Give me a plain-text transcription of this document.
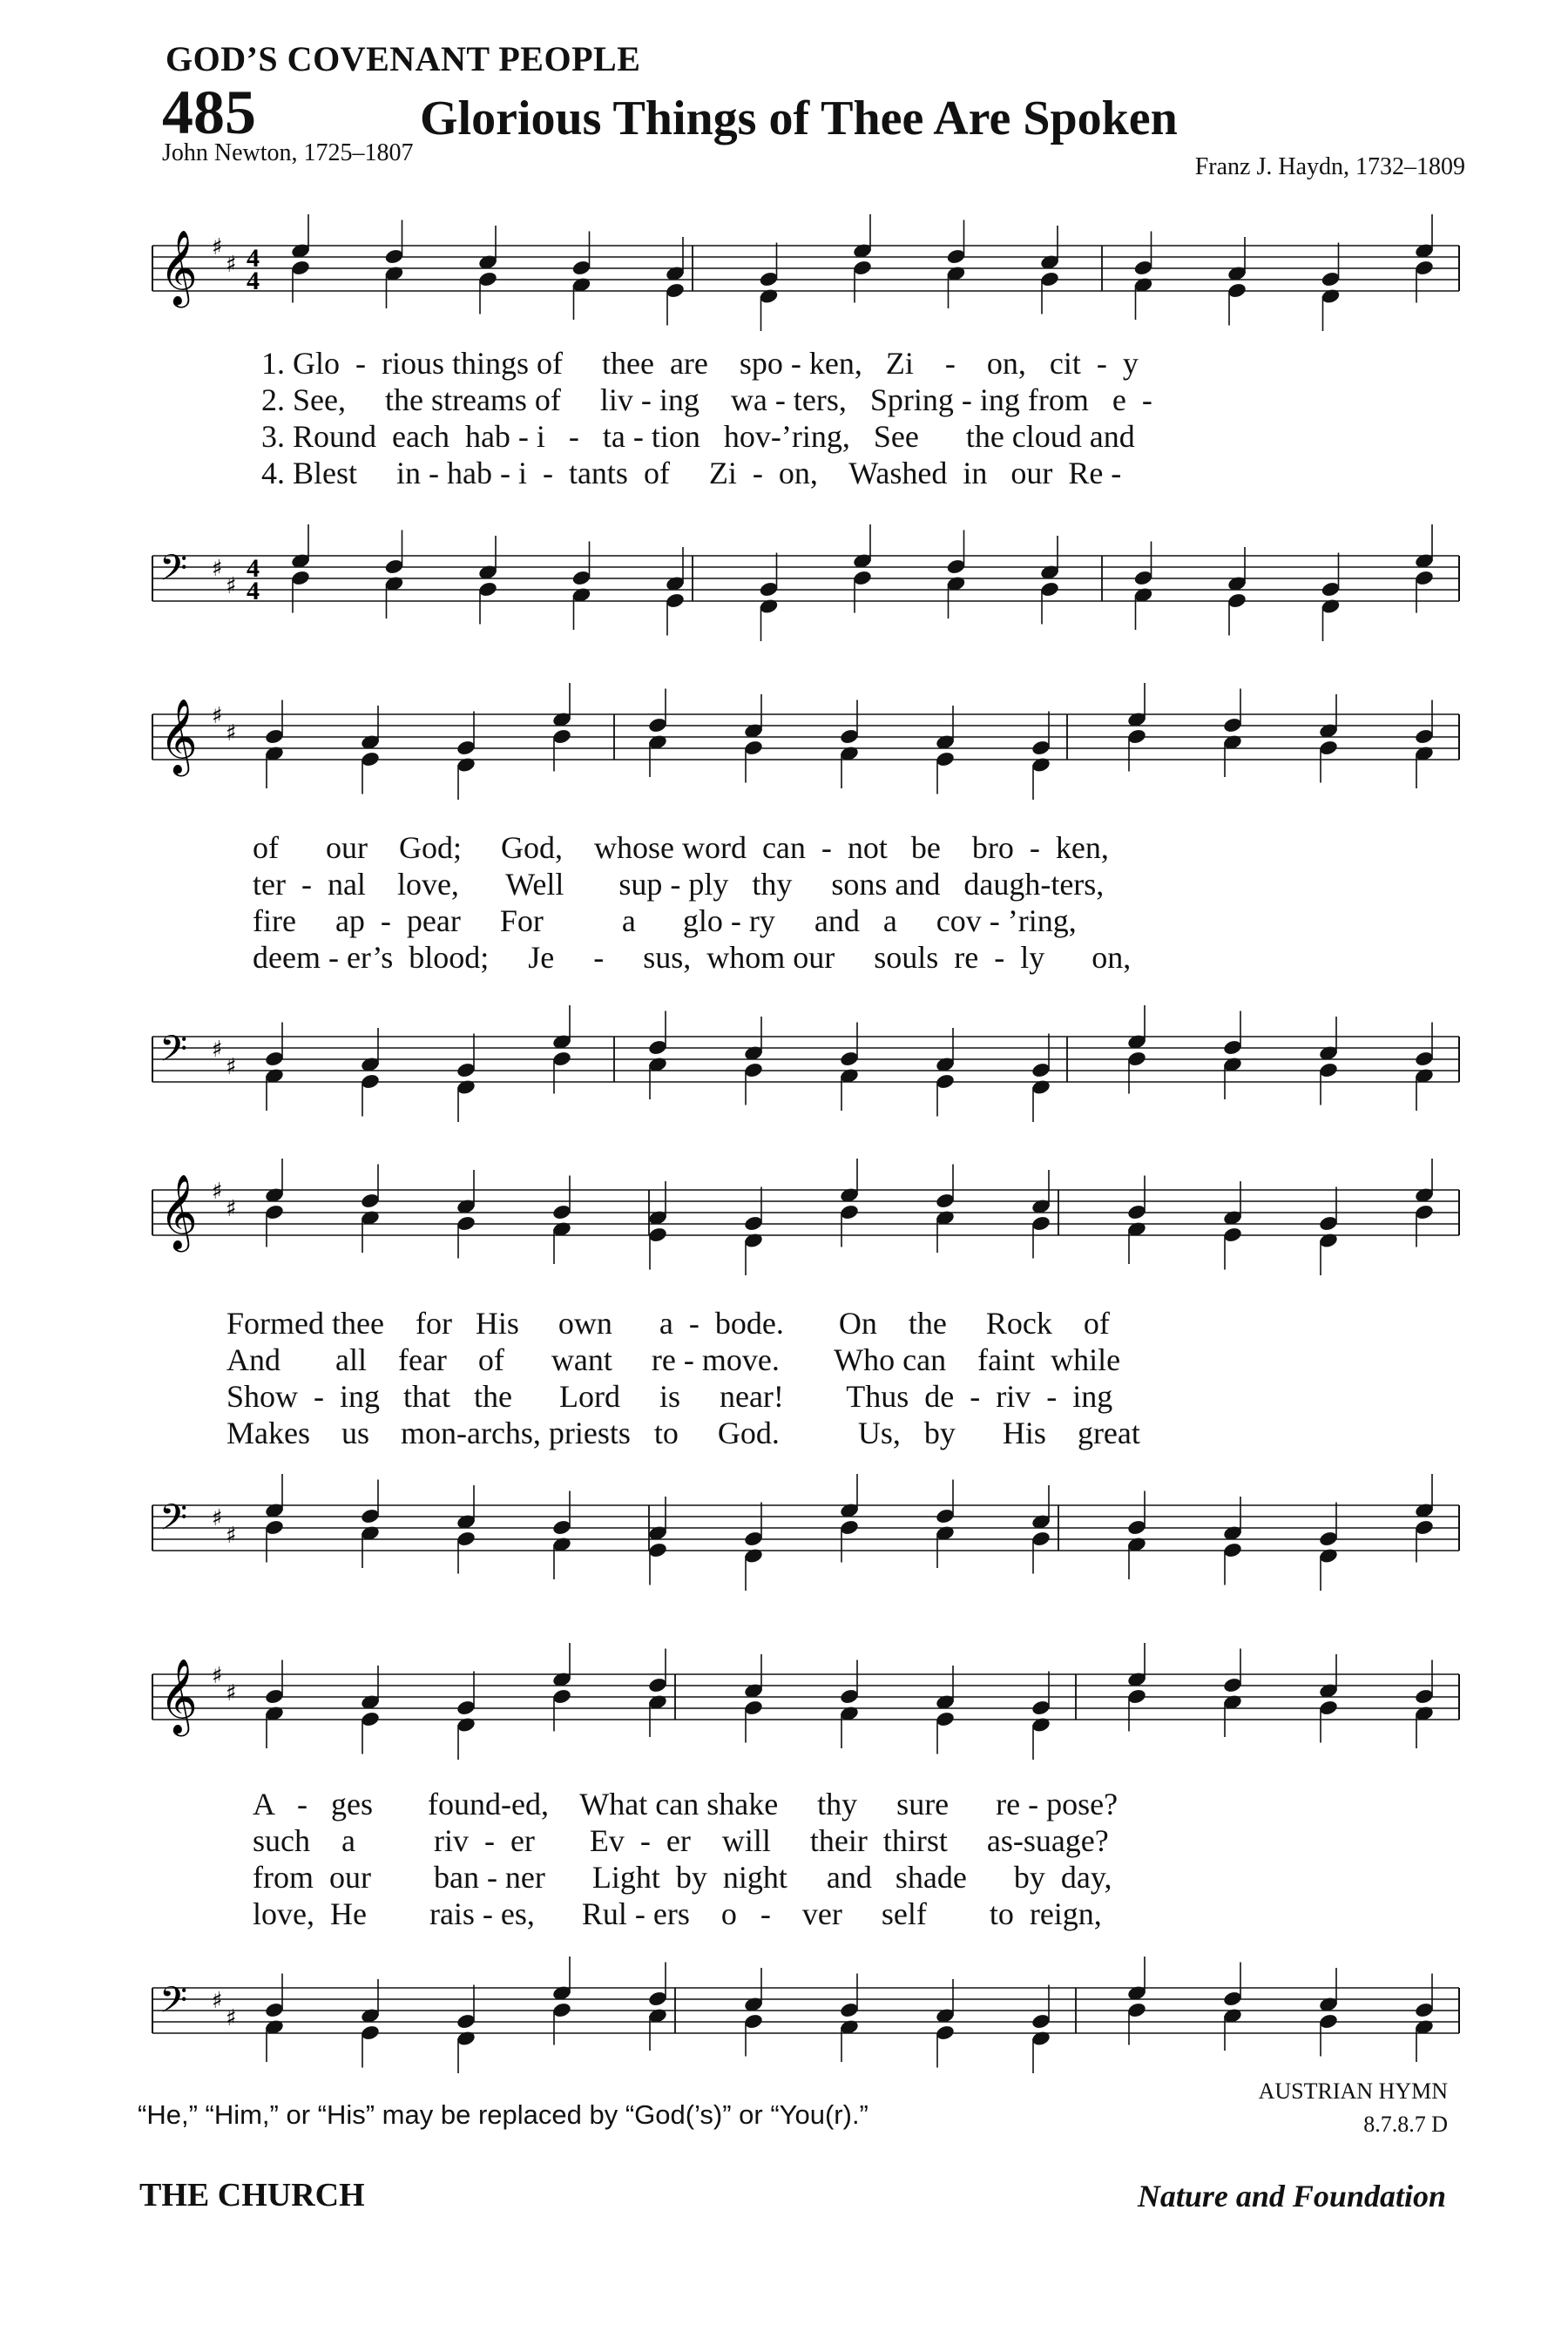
GOD’S COVENANT PEOPLE
485	Glorious Things of Thee Are Spoken
John Newton, 1725–1807
Franz J. Haydn, 1732–1809
𝄞 ♯
♯ 4
4
1. Glo  -  rious things of     thee  are    spo - ken,   Zi    -    on,   cit  -  y
2. See,     the streams of     liv - ing    wa - ters,   Spring - ing from   e  -
3. Round  each  hab - i   -   ta - tion   hov-’ring,   See      the cloud and
4. Blest     in - hab - i  -  tants  of     Zi  -  on,    Washed  in   our  Re -
𝄢 ♯
♯
4
4
𝄞 ♯
♯
of      our    God;     God,    whose word  can  -  not   be    bro  -  ken,
ter  -  nal    love,      Well       sup - ply   thy     sons and   daugh-ters,
fire     ap  -  pear     For          a      glo - ry     and   a     cov - ’ring,
deem - er’s  blood;     Je     -     sus,  whom our     souls  re  -  ly      on,
𝄢 ♯
♯
𝄞 ♯
♯
Formed thee    for   His     own      a  -  bode.       On    the     Rock    of
And       all    fear    of      want     re - move.       Who can    faint  while
Show  -  ing   that   the      Lord     is     near!        Thus  de  -  riv  -  ing
Makes    us    mon-archs, priests   to     God.          Us,   by      His    great
𝄢 ♯
♯
𝄞 ♯
♯
A   -   ges       found-ed,    What can shake     thy     sure      re - pose?
such    a          riv  -  er       Ev  -  er    will     their  thirst     as-suage?
from  our        ban - ner      Light  by  night     and   shade      by  day,
love,  He        rais - es,      Rul - ers    o   -    ver     self        to  reign,
𝄢 ♯
♯
“He,” “Him,” or “His” may be replaced by “God(’s)” or “You(r).”
AUSTRIAN HYMN
8.7.8.7 D
THE CHURCH	Nature and Foundation
